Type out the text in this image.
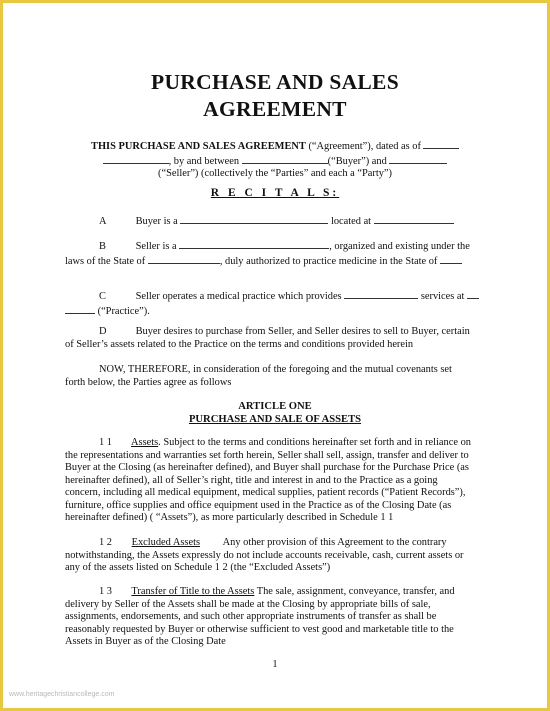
PURCHASE AND SALES
AGREEMENT
THIS PURCHASE AND SALES AGREEMENT (“Agreement”), dated as of
, by and between	(“Buyer”) and
(“Seller”) (collectively the “Parties” and each a “Party”)
R E C I T A L S:
A	Buyer is a	located at
B	Seller is a	, organized and existing under the
laws of the State of	, duly authorized to practice medicine in the State of
C	Seller operates a medical practice which provides	services at
(“Practice”).
D	Buyer desires to purchase from Seller, and Seller desires to sell to Buyer, certain
of Seller’s assets related to the Practice on the terms and conditions provided herein
NOW, THEREFORE, in consideration of the foregoing and the mutual covenants set
forth below, the Parties agree as follows
ARTICLE ONE
PURCHASE AND SALE OF ASSETS
1 1 Assets. Subject to the terms and conditions hereinafter set forth and in reliance on
the representations and warranties set forth herein, Seller shall sell, assign, transfer and deliver to
Buyer at the Closing (as hereinafter defined), and Buyer shall purchase for the Purchase Price (as
hereinafter defined), all of Seller’s right, title and interest in and to the Practice as a going
concern, including all medical equipment, medical supplies, patient records (“Patient Records”),
furniture, office supplies and office equipment used in the Practice as of the Closing Date (as
hereinafter defined) ( “Assets”), as more particularly described in Schedule 1 1
1 2 Excluded Assets Any other provision of this Agreement to the contrary
notwithstanding, the Assets expressly do not include accounts receivable, cash, current assets or
any of the assets listed on Schedule 1 2 (the “Excluded Assets”)
1 3 Transfer of Title to the Assets The sale, assignment, conveyance, transfer, and
delivery by Seller of the Assets shall be made at the Closing by appropriate bills of sale,
assignments, endorsements, and such other appropriate instruments of transfer as shall be
reasonably requested by Buyer or otherwise sufficient to vest good and marketable title to the
Assets in Buyer as of the Closing Date
1
www.heritagechristiancollege.com
